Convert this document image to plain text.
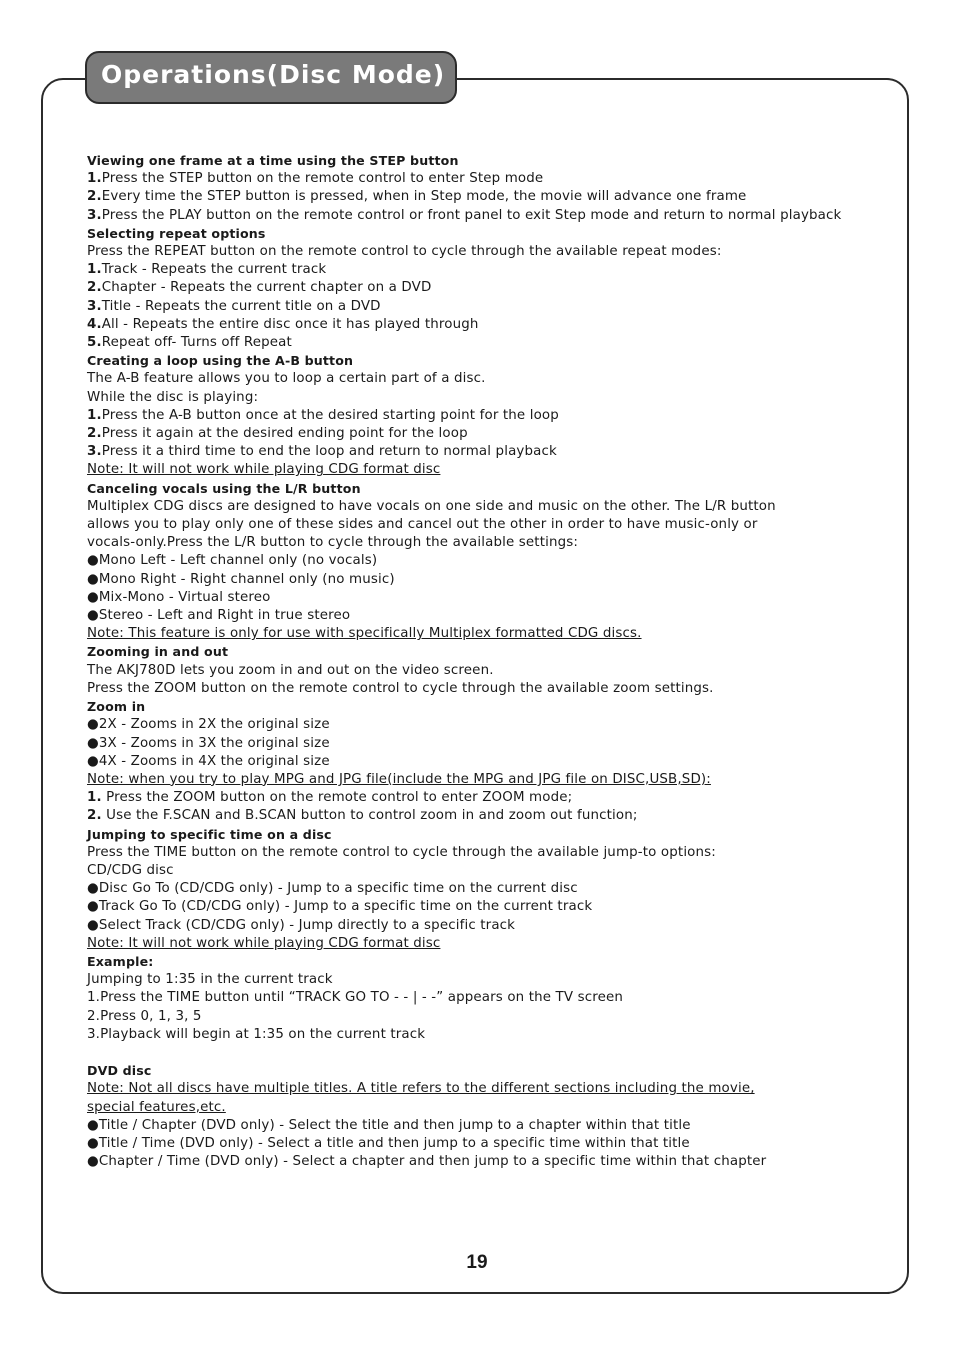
Operations(Disc Mode)
Viewing one frame at a time using the STEP button
1.Press the STEP button on the remote control to enter Step mode
2.Every time the STEP button is pressed, when in Step mode, the movie will advance one frame
3.Press the PLAY button on the remote control or front panel to exit Step mode and return to normal playback
Selecting repeat options
Press the REPEAT button on the remote control to cycle through the available repeat modes:
1.Track - Repeats the current track
2.Chapter - Repeats the current chapter on a DVD
3.Title - Repeats the current title on a DVD
4.All - Repeats the entire disc once it has played through
5.Repeat off- Turns off Repeat
Creating a loop using the A-B button
The A-B feature allows you to loop a certain part of a disc.
While the disc is playing:
1.Press the A-B button once at the desired starting point for the loop
2.Press it again at the desired ending point for the loop
3.Press it a third time to end the loop and return to normal playback
Note: It will not work while playing CDG format disc
Canceling vocals using the L/R button
Multiplex CDG discs are designed to have vocals on one side and music on the other. The L/R button
allows you to play only one of these sides and cancel out the other in order to have music-only or
vocals-only.Press the L/R button to cycle through the available settings:
●Mono Left - Left channel only (no vocals)
●Mono Right - Right channel only (no music)
●Mix-Mono - Virtual stereo
●Stereo - Left and Right in true stereo
Note: This feature is only for use with specifically Multiplex formatted CDG discs.
Zooming in and out
The AKJ780D lets you zoom in and out on the video screen.
Press the ZOOM button on the remote control to cycle through the available zoom settings.
Zoom in
●2X - Zooms in 2X the original size
●3X - Zooms in 3X the original size
●4X - Zooms in 4X the original size
Note: when you try to play MPG and JPG file(include the MPG and JPG file on DISC,USB,SD):
1. Press the ZOOM button on the remote control to enter ZOOM mode;
2. Use the F.SCAN and B.SCAN button to control zoom in and zoom out function;
Jumping to specific time on a disc
Press the TIME button on the remote control to cycle through the available jump-to options:
CD/CDG disc
●Disc Go To (CD/CDG only) - Jump to a specific time on the current disc
●Track Go To (CD/CDG only) - Jump to a specific time on the current track
●Select Track (CD/CDG only) - Jump directly to a specific track
Note: It will not work while playing CDG format disc
Example:
Jumping to 1:35 in the current track
1.Press the TIME button until “TRACK GO TO - - | - -” appears on the TV screen
2.Press 0, 1, 3, 5
3.Playback will begin at 1:35 on the current track
DVD disc
Note: Not all discs have multiple titles. A title refers to the different sections including the movie,
special features,etc.
●Title / Chapter (DVD only) - Select the title and then jump to a chapter within that title
●Title / Time (DVD only) - Select a title and then jump to a specific time within that title
●Chapter / Time (DVD only) - Select a chapter and then jump to a specific time within that chapter
19
